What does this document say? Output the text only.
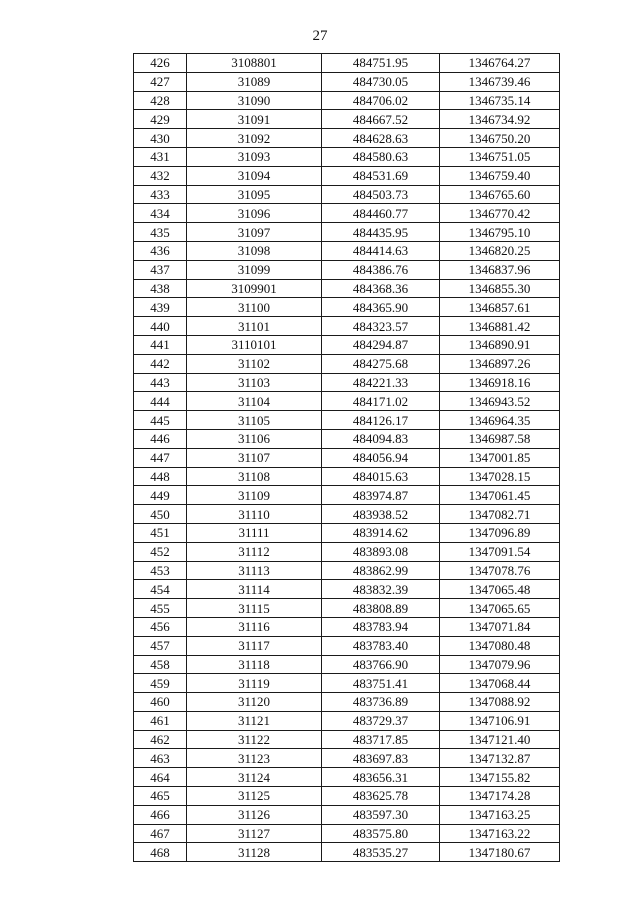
27
426	3108801	484751.95	1346764.27
427	31089	484730.05	1346739.46
428	31090	484706.02	1346735.14
429	31091	484667.52	1346734.92
430	31092	484628.63	1346750.20
431	31093	484580.63	1346751.05
432	31094	484531.69	1346759.40
433	31095	484503.73	1346765.60
434	31096	484460.77	1346770.42
435	31097	484435.95	1346795.10
436	31098	484414.63	1346820.25
437	31099	484386.76	1346837.96
438	3109901	484368.36	1346855.30
439	31100	484365.90	1346857.61
440	31101	484323.57	1346881.42
441	3110101	484294.87	1346890.91
442	31102	484275.68	1346897.26
443	31103	484221.33	1346918.16
444	31104	484171.02	1346943.52
445	31105	484126.17	1346964.35
446	31106	484094.83	1346987.58
447	31107	484056.94	1347001.85
448	31108	484015.63	1347028.15
449	31109	483974.87	1347061.45
450	31110	483938.52	1347082.71
451	31111	483914.62	1347096.89
452	31112	483893.08	1347091.54
453	31113	483862.99	1347078.76
454	31114	483832.39	1347065.48
455	31115	483808.89	1347065.65
456	31116	483783.94	1347071.84
457	31117	483783.40	1347080.48
458	31118	483766.90	1347079.96
459	31119	483751.41	1347068.44
460	31120	483736.89	1347088.92
461	31121	483729.37	1347106.91
462	31122	483717.85	1347121.40
463	31123	483697.83	1347132.87
464	31124	483656.31	1347155.82
465	31125	483625.78	1347174.28
466	31126	483597.30	1347163.25
467	31127	483575.80	1347163.22
468	31128	483535.27	1347180.67
